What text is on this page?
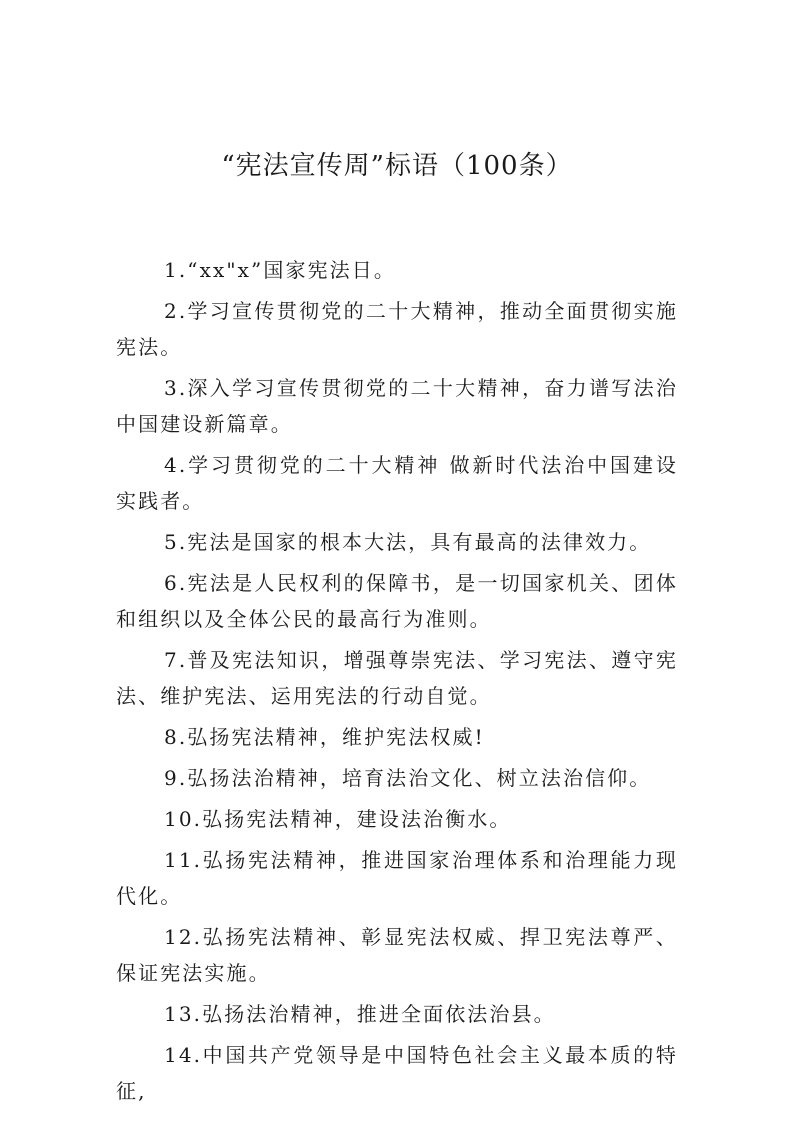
“宪法宣传周”标语（100条）

1.“xx"x”国家宪法日。

2.学习宣传贯彻党的二十大精神，推动全面贯彻实施宪法。

3.深入学习宣传贯彻党的二十大精神，奋力谱写法治中国建设新篇章。

4.学习贯彻党的二十大精神 做新时代法治中国建设实践者。

5.宪法是国家的根本大法，具有最高的法律效力。

6.宪法是人民权利的保障书，是一切国家机关、团体和组织以及全体公民的最高行为准则。

7.普及宪法知识，增强尊崇宪法、学习宪法、遵守宪法、维护宪法、运用宪法的行动自觉。

8.弘扬宪法精神，维护宪法权威!

9.弘扬法治精神，培育法治文化、树立法治信仰。

10.弘扬宪法精神，建设法治衡水。

11.弘扬宪法精神，推进国家治理体系和治理能力现代化。

12.弘扬宪法精神、彰显宪法权威、捍卫宪法尊严、保证宪法实施。

13.弘扬法治精神，推进全面依法治县。

14.中国共产党领导是中国特色社会主义最本质的特征,
